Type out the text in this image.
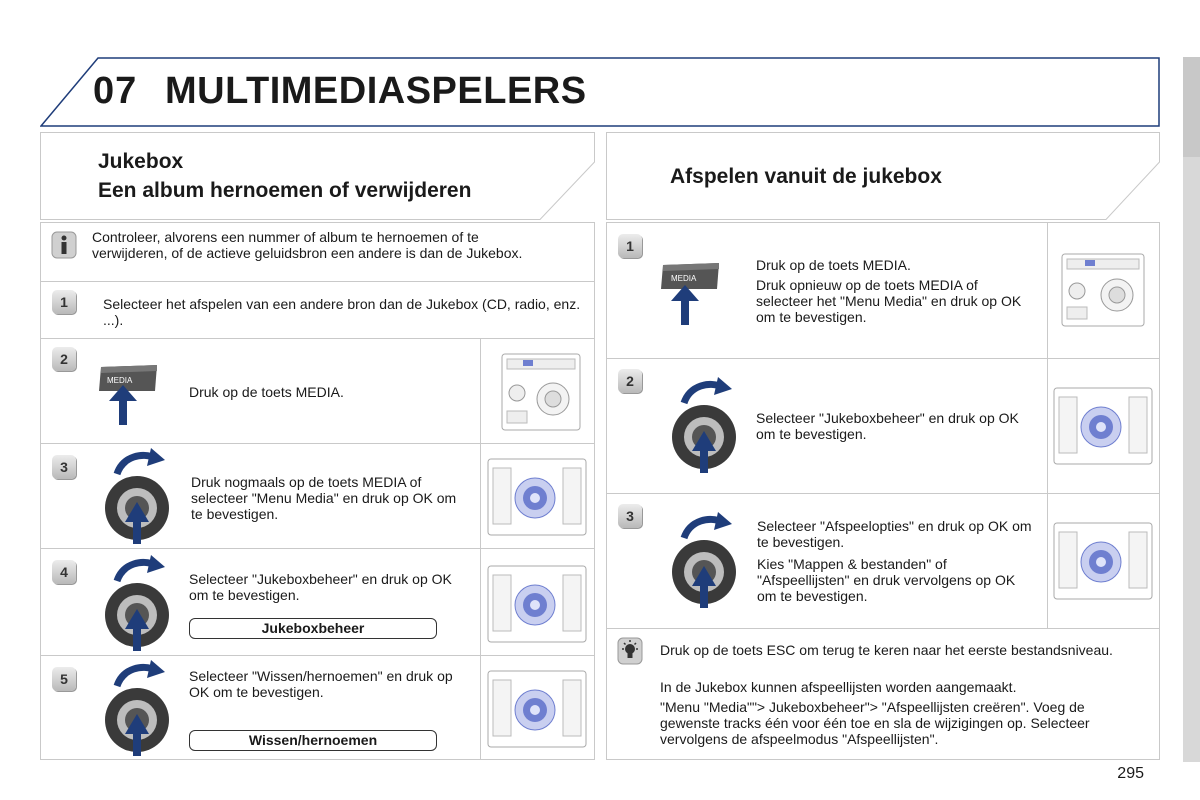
07 MULTIMEDIASPELERS
Jukebox
Een album hernoemen of verwijderen
Controleer, alvorens een nummer of album te hernoemen of te verwijderen, of de actieve geluidsbron een andere is dan de Jukebox.
1	Selecteer het afspelen van een andere bron dan de Jukebox (CD, radio, enz. ...).
2
MEDIA
Druk op de toets MEDIA.
3
Druk nogmaals op de toets MEDIA of selecteer "Menu Media" en druk op OK om te bevestigen.
4	Selecteer "Jukeboxbeheer" en druk op OK om te bevestigen.
Jukeboxbeheer
5	Selecteer "Wissen/hernoemen" en druk op OK om te bevestigen.
Wissen/hernoemen
Afspelen vanuit de jukebox
1
MEDIA
Druk op de toets MEDIA.
Druk opnieuw op de toets MEDIA of selecteer het "Menu Media" en druk op OK om te bevestigen.
2
Selecteer "Jukeboxbeheer" en druk op OK om te bevestigen.
3
Selecteer "Afspeelopties" en druk op OK om te bevestigen.
Kies "Mappen & bestanden" of "Afspeellijsten" en druk vervolgens op OK om te bevestigen.
Druk op de toets ESC om terug te keren naar het eerste bestandsniveau.
In de Jukebox kunnen afspeellijsten worden aangemaakt.
"Menu "Media""> Jukeboxbeheer"> "Afspeellijsten creëren". Voeg de gewenste tracks één voor één toe en sla de wijzigingen op. Selecteer vervolgens de afspeelmodus "Afspeellijsten".
295
